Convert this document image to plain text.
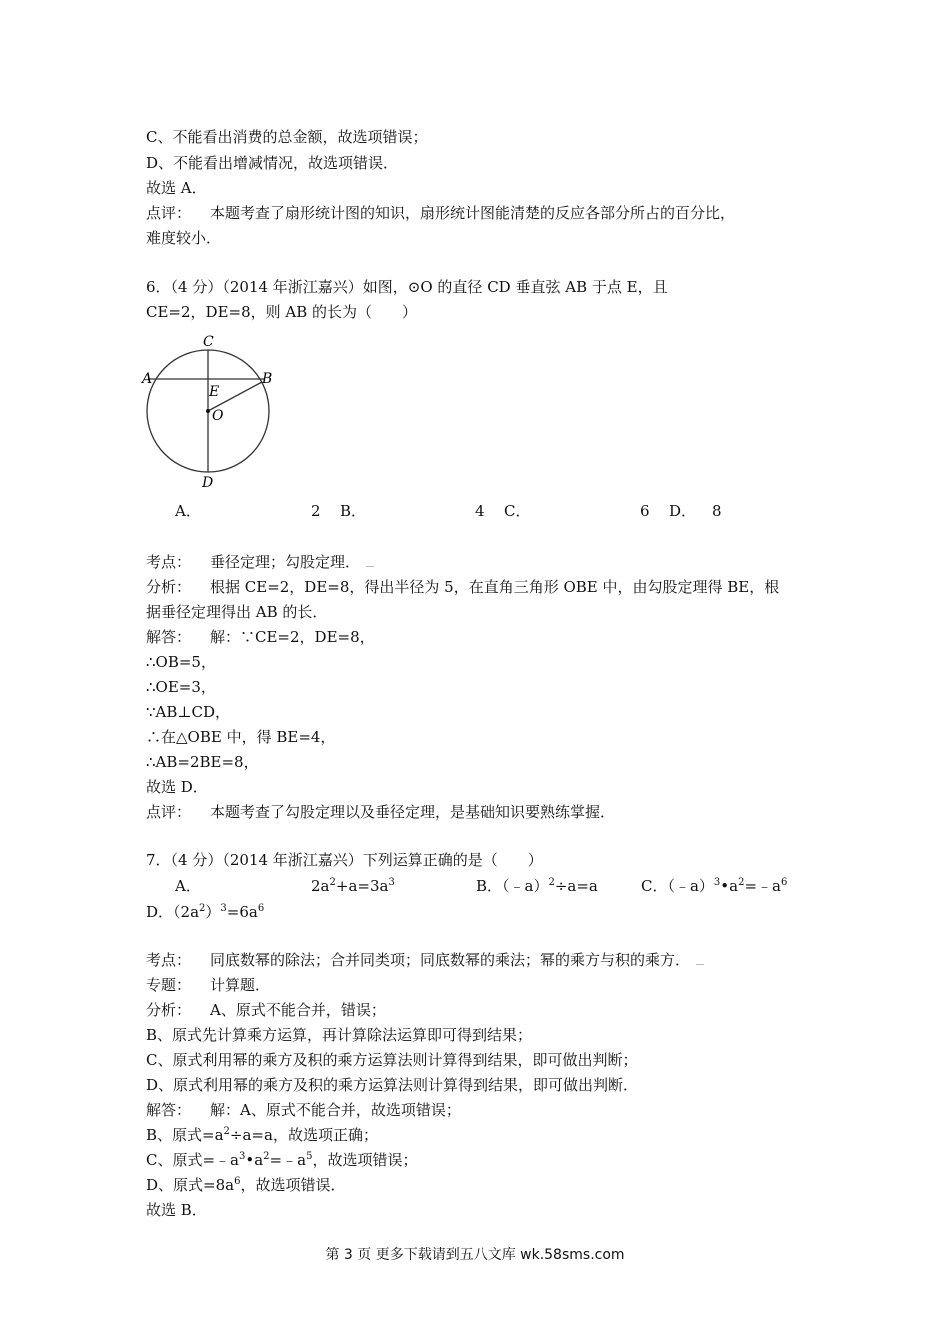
C、不能看出消费的总金额，故选项错误；
D、不能看出增减情况，故选项错误．
故选 A．
点评： 本题考查了扇形统计图的知识，扇形统计图能清楚的反应各部分所占的百分比，
难度较小．
6．（4 分）（2014 年浙江嘉兴）如图，⊙O 的直径 CD 垂直弦 AB 于点 E，且
CE=2，DE=8，则 AB 的长为（　　）
C
A	B
E
O
D
A．	2 B．	4 C．	6 D． 8
考点： 垂径定理；勾股定理．
分析： 根据 CE=2，DE=8，得出半径为 5，在直角三角形 OBE 中，由勾股定理得 BE，根
据垂径定理得出 AB 的长．
解答： 解：∵CE=2，DE=8，
∴OB=5，
∴OE=3，
∵AB⊥CD，
∴在△OBE 中，得 BE=4，
∴AB=2BE=8，
故选 D．
点评： 本题考查了勾股定理以及垂径定理，是基础知识要熟练掌握．
7．（4 分）（2014 年浙江嘉兴）下列运算正确的是（　　）
A．	$2a^2+a=3a^3$	B．（﹣a）$^2$÷a=a	C．$(﹣a)^3•a^2=﹣a^6$
D．$(2a^2)^3=6a^6$
考点： 同底数幂的除法；合并同类项；同底数幂的乘法；幂的乘方与积的乘方．
专题： 计算题．
分析： A、原式不能合并，错误；
B、原式先计算乘方运算，再计算除法运算即可得到结果；
C、原式利用幂的乘方及积的乘方运算法则计算得到结果，即可做出判断；
D、原式利用幂的乘方及积的乘方运算法则计算得到结果，即可做出判断．
解答： 解：A、原式不能合并，故选项错误；
B、原式$=a^2\div a=a$，故选项正确；
C、原式$=﹣a^3•a^2=﹣a^5$，故选项错误；
D、原式$=8a^6$，故选项错误．
故选 B．
第 3 页 更多下载请到五八文库 wk.58sms.com
